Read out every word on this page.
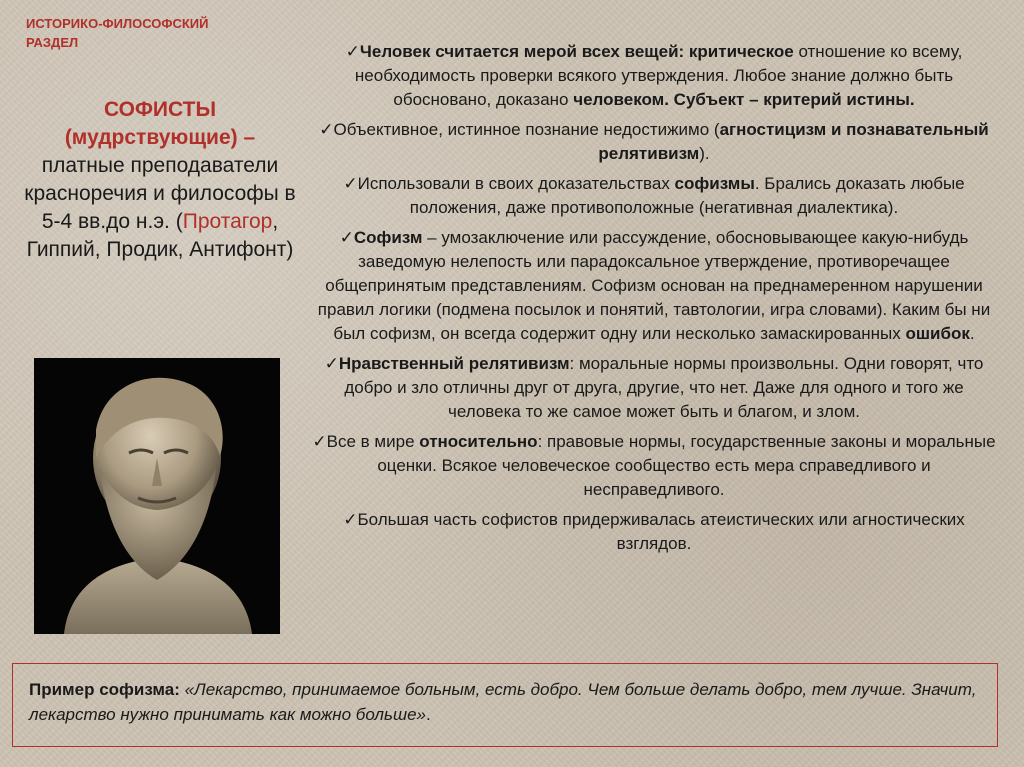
ИСТОРИКО-ФИЛОСОФСКИЙ РАЗДЕЛ
СОФИСТЫ
(мудрствующие) –
платные преподаватели красноречия и философы в 5-4 вв.до н.э. (Протагор, Гиппий, Продик, Антифонт)

✓Человек считается мерой всех вещей: критическое отношение ко всему, необходимость проверки всякого утверждения. Любое знание должно быть обосновано, доказано человеком. Субъект – критерий истины.

✓Объективное, истинное познание недостижимо (агностицизм и познавательный релятивизм).

✓Использовали в своих доказательствах софизмы. Брались доказать любые положения, даже противоположные (негативная диалектика).

✓Софизм – умозаключение или рассуждение, обосновывающее какую-нибудь заведомую нелепость или парадоксальное утверждение, противоречащее общепринятым представлениям. Софизм основан на преднамеренном нарушении правил логики (подмена посылок и понятий, тавтологии, игра словами). Каким бы ни был софизм, он всегда содержит одну или несколько замаскированных ошибок.

✓Нравственный релятивизм: моральные нормы произвольны. Одни говорят, что добро и зло отличны друг от друга, другие, что нет. Даже для одного и того же человека то же самое может быть и благом, и злом.

✓Все в мире относительно: правовые нормы, государственные законы и моральные оценки. Всякое человеческое сообщество есть мера справедливого и несправедливого.

✓Большая часть софистов придерживалась атеистических или агностических взглядов.

Пример софизма: «Лекарство, принимаемое больным, есть добро. Чем больше делать добро, тем лучше. Значит, лекарство нужно принимать как можно больше».
